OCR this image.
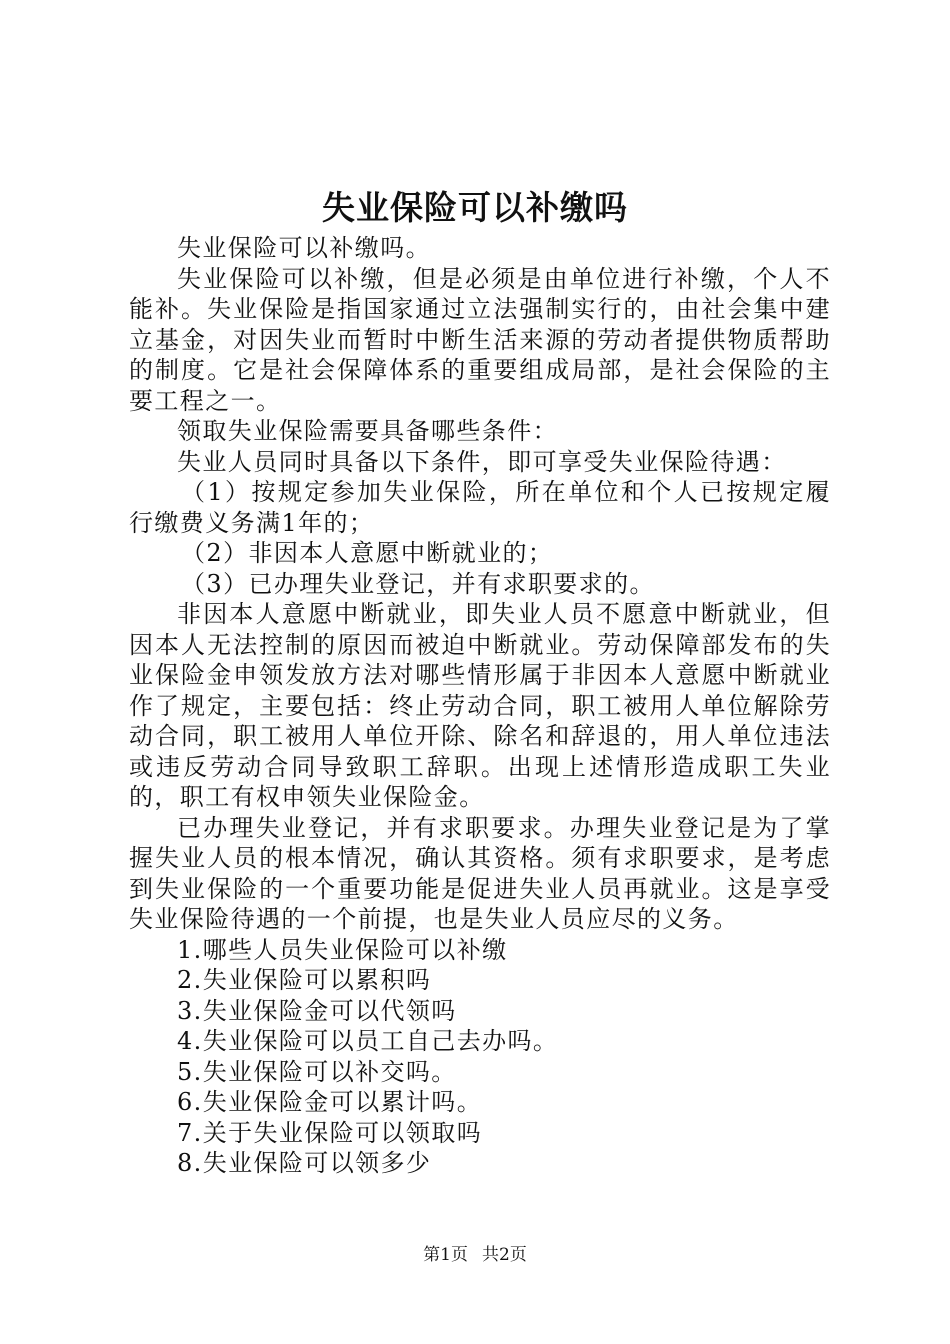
失业保险可以补缴吗

失业保险可以补缴吗。

失业保险可以补缴，但是必须是由单位进行补缴，个人不能补。失业保险是指国家通过立法强制实行的，由社会集中建立基金，对因失业而暂时中断生活来源的劳动者提供物质帮助的制度。它是社会保障体系的重要组成局部，是社会保险的主要工程之一。

领取失业保险需要具备哪些条件：

失业人员同时具备以下条件，即可享受失业保险待遇：

（1）按规定参加失业保险，所在单位和个人已按规定履行缴费义务满1年的；

（2）非因本人意愿中断就业的；

（3）已办理失业登记，并有求职要求的。

非因本人意愿中断就业，即失业人员不愿意中断就业，但因本人无法控制的原因而被迫中断就业。劳动保障部发布的失业保险金申领发放方法对哪些情形属于非因本人意愿中断就业作了规定，主要包括：终止劳动合同，职工被用人单位解除劳动合同，职工被用人单位开除、除名和辞退的，用人单位违法或违反劳动合同导致职工辞职。出现上述情形造成职工失业的，职工有权申领失业保险金。

已办理失业登记，并有求职要求。办理失业登记是为了掌握失业人员的根本情况，确认其资格。须有求职要求，是考虑到失业保险的一个重要功能是促进失业人员再就业。这是享受失业保险待遇的一个前提，也是失业人员应尽的义务。

1.哪些人员失业保险可以补缴

2.失业保险可以累积吗

3.失业保险金可以代领吗

4.失业保险可以员工自己去办吗。

5.失业保险可以补交吗。

6.失业保险金可以累计吗。

7.关于失业保险可以领取吗

8.失业保险可以领多少

第1页 共2页
